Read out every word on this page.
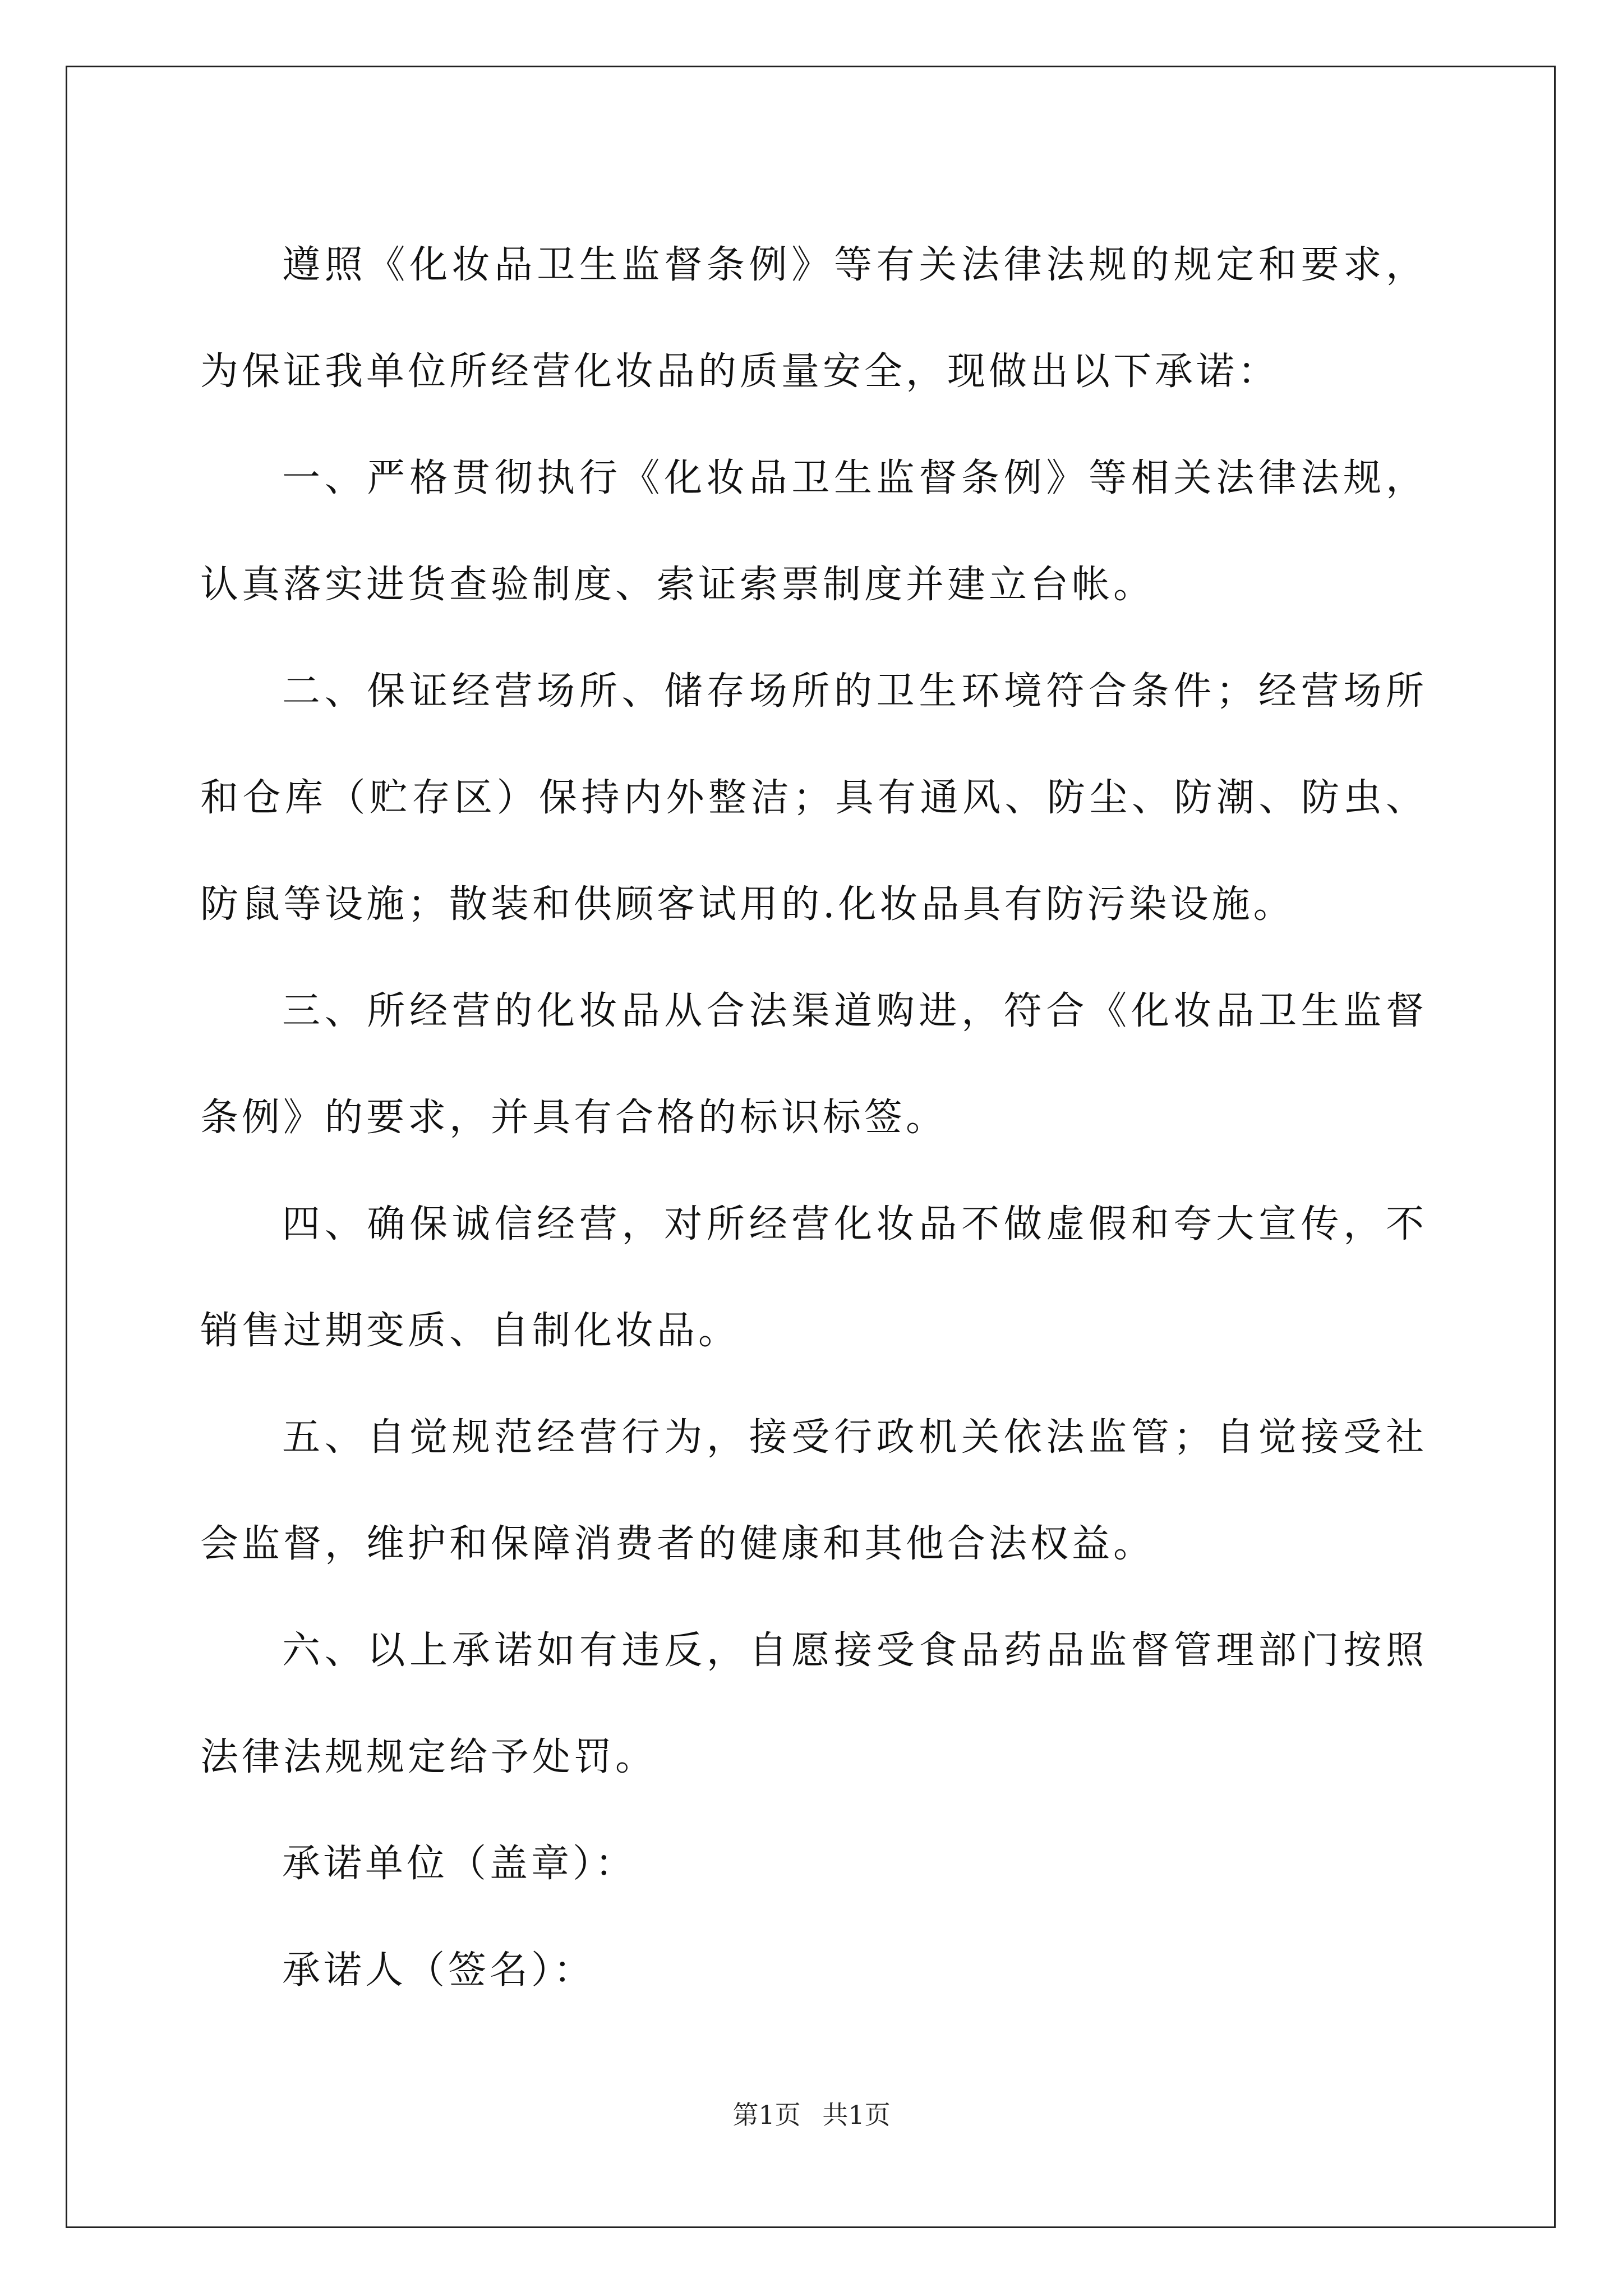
遵照《化妆品卫生监督条例》等有关法律法规的规定和要求，为保证我单位所经营化妆品的质量安全，现做出以下承诺：

一、严格贯彻执行《化妆品卫生监督条例》等相关法律法规，认真落实进货查验制度、索证索票制度并建立台帐。

二、保证经营场所、储存场所的卫生环境符合条件；经营场所和仓库（贮存区）保持内外整洁；具有通风、防尘、防潮、防虫、防鼠等设施；散装和供顾客试用的.化妆品具有防污染设施。

三、所经营的化妆品从合法渠道购进，符合《化妆品卫生监督条例》的要求，并具有合格的标识标签。

四、确保诚信经营，对所经营化妆品不做虚假和夸大宣传，不销售过期变质、自制化妆品。

五、自觉规范经营行为，接受行政机关依法监管；自觉接受社会监督，维护和保障消费者的健康和其他合法权益。

六、以上承诺如有违反，自愿接受食品药品监督管理部门按照法律法规规定给予处罚。

承诺单位（盖章）：

承诺人（签名）：

第1页 共1页
